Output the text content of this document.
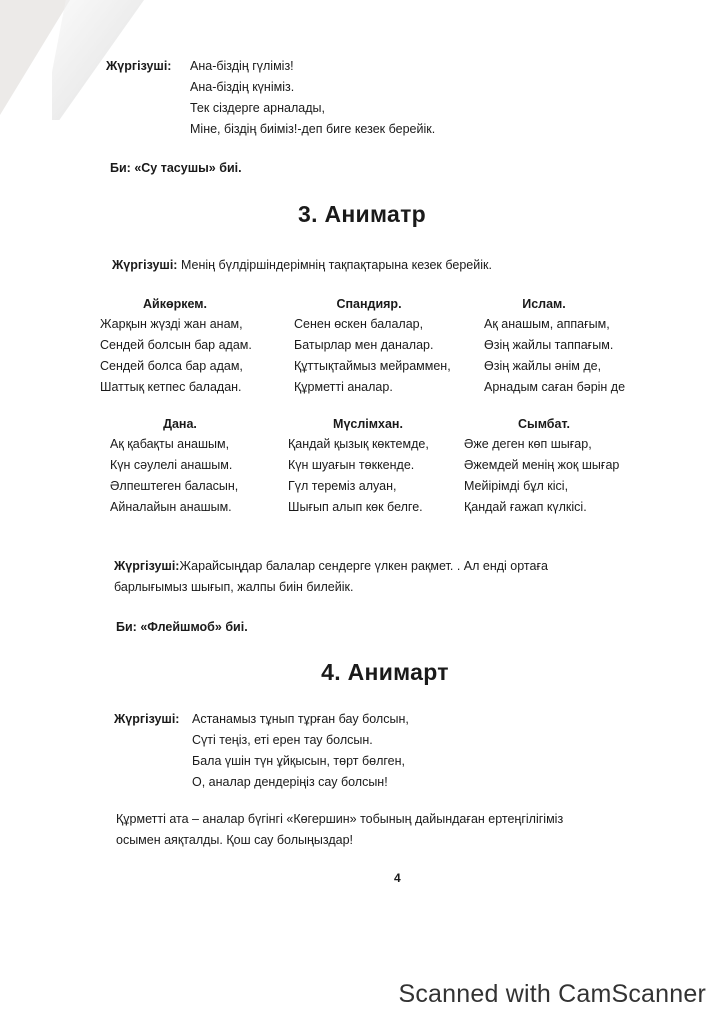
Жүргізуші: Ана-біздің гүліміз!
Ана-біздің күніміз.
Тек сіздерге арналады,
Міне, біздің биіміз!-деп биге кезек берейік.
Би: «Су тасушы» биі.
3. Аниматр
Жүргізуші: Менің бүлдіршіндерімнің тақпақтарына кезек берейік.
Айкөркем.
Жарқын жүзді жан анам,
Сендей болсын бар адам.
Сендей болса бар адам,
Шаттық кетпес баладан.
Спандияр.
Сенен өскен балалар,
Батырлар мен даналар.
Құттықтаймыз мейраммен,
Құрметті аналар.
Ислам.
Ақ анашым, аппағым,
Өзің жайлы таппағым.
Өзің жайлы әнім де,
Арнадым саған бәрін де
Дана.
Ақ қабақты анашым,
Күн сәулелі анашым.
Әлпештеген баласын,
Айналайын анашым.
Мүслімхан.
Қандай қызық көктемде,
Күн шуағын төккенде.
Гүл тереміз алуан,
Шығып алып көк белге.
Сымбат.
Әже деген көп шығар,
Әжемдей менің жоқ шығар
Мейірімді бұл кісі,
Қандай ғажап күлкісі.
Жүргізуші:Жарайсыңдар балалар сендерге үлкен рақмет. . Ал енді ортаға
барлығымыз шығып, жалпы биін билейік.
Би: «Флейшмоб» биі.
4. Анимарт
Жүргізуші: Астанамыз тұнып тұрған бау болсын,
Сүті теңіз, еті ерен тау болсын.
Бала үшін түн ұйқысын, төрт бөлген,
О, аналар дендеріңіз сау болсын!
Құрметті ата – аналар бүгінгі «Көгершин» тобының дайындаған ертеңгілігіміз
осымен аяқталды. Қош сау болыңыздар!
4
Scanned with CamScanner
